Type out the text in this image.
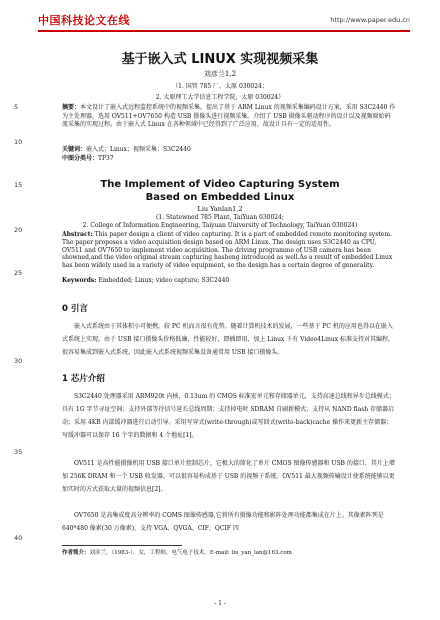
中国科技论文在线	http://www.paper.edu.cn
5
10
15
20
25
30
35
40
基于嵌入式 LINUX 实现视频采集
刘彦兰1,2
（1. 国管 785 厂，太原 030024；
2. 太原理工大学信息工程学院，太原 030024）
摘要：本文设计了嵌入式远程监控系统中的视频采集，提出了基于 ARM Linux 的视频采集编码设计方案，采用 S3C2440 作为主处理器，选用 OV511+OV7650 构造 USB 摄像头进行视频采集。介绍了 USB 摄像头驱动程序的设计以及视频原始码流采集的实现过程。由于嵌入式 Linux 在各种领域中已经得到了广泛应用，故设计具有一定的适用性。
关键词：嵌入式；Linux；视频采集；S3C2440
中图分类号：TP37
The Implement of Video Capturing System Based on Embedded Linux
Liu Yanlan1,2
(1. Statewned 785 Plant, TaiYuan 030024;
2. College of Information Engineering, Taiyuan University of Technology, TaiYuan 030024)
Abstract: This paper design a client of video capturing. It is a part of embedded remote monitoring system. The paper proposes a video acquisition design based on ARM Linux. The design uses S3C2440 as CPU, OV511 and OV7650 to implement video acquisition. The driving programme of USB camera has been showned,and the video original stream capturing hasbeng introduced as well.As a result of embedded Linux has been widely used in a variety of video equipment, so the design has a certain degree of generality.
Keywords: Embedded; Linux; video capture; S3C2440
0 引言
嵌入式系统由于其体积小可便携，较 PC 机而言很有优势。随着计算机技术的发展，一些基于 PC 机的应用也得以在嵌入式系统上实现。由于 USB 接口摄像头价格低廉，性能较好，即插即用，加上 Linux 下有 Video4Linux 标准支持对其编程，很容易集成到嵌入式系统，因此嵌入式系统视频采集设备通常用 USB 接口摄像头。
1 芯片介绍
S3C2440 处理器采用 ARM920t 内核，0.13um 的 CMOS 标准宏单元和存储器单元，支持高速总线和异步总线模式；具有 1G 字节寻址空间；支持外部等待信号延长总线周期；支持掉电时 SDRAM 自刷新模式；支持从 NAND flash 存储器启动；采用 4KB 内部缓冲器进行启动引导。采用写穿式(write-through)或写回式(write-back)cache 操作来更新主存储器；写缓冲器可以保存 16 个字的数据和 4 个地址[1]。
OV511 是高性能摄像机用 USB 接口单片控制芯片，它极大的简化了单片 CMOS 图像传感器和 USB 的接口，其片上增加 256K DRAM 和一个 USB 收发器，可以很容易构成基于 USB 的视频子系统。OV511 最大视频传输设计使系统能够以更加实时的方式获取大量的视频信息[2]。
OV7650 是高集成度高分辨率的 COMS 图像传感器,它将所有摄像功能和影阵处理功能都集成在片上。其像素阵列是 640*480 像素(30 万像素)，支持 VGA、QVGA、CIF、QCIF 四
作者简介：刘彦兰，（1983-），女，工程师，电气电子技术。E-mail: liu_yan_lan@163.com
- 1 -
